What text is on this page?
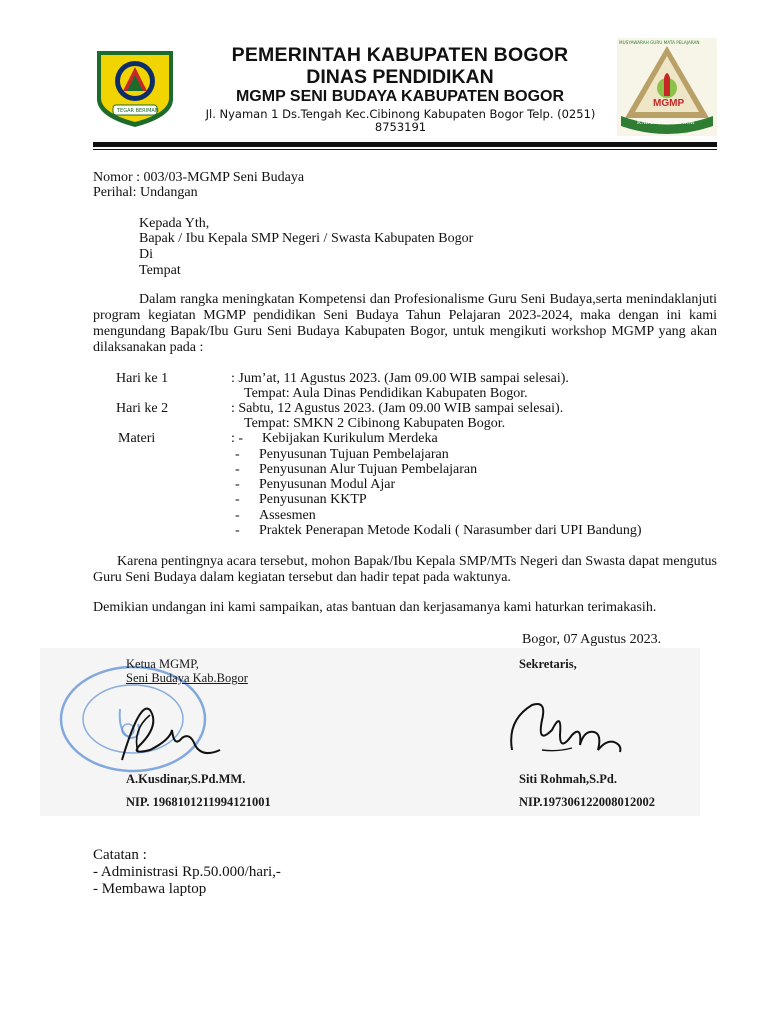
TEGAR BERIMAN
PEMERINTAH KABUPATEN BOGOR
DINAS PENDIDIKAN
MGMP SENI BUDAYA KABUPATEN BOGOR
Jl. Nyaman 1 Ds.Tengah Kec.Cibinong Kabupaten Bogor Telp. (0251)
8753191
MGMP
KABUPATEN BOGOR
MUSYAWARAH GURU MATA PELAJARAN
Nomor : 003/03-MGMP Seni Budaya
Perihal: Undangan
Kepada Yth,
Bapak / Ibu Kepala SMP Negeri / Swasta Kabupaten Bogor
Di
Tempat
Dalam rangka meningkatan Kompetensi dan Profesionalisme Guru Seni Budaya,serta menindaklanjuti program kegiatan MGMP pendidikan Seni Budaya Tahun Pelajaran 2023-2024, maka dengan ini kami mengundang Bapak/Ibu Guru Seni Budaya Kabupaten Bogor, untuk mengikuti workshop MGMP yang akan dilaksanakan pada :
Hari ke 1	: Jum’at, 11 Agustus 2023. (Jam 09.00 WIB sampai selesai).
Tempat: Aula Dinas Pendidikan Kabupaten Bogor.
Hari ke 2	: Sabtu, 12 Agustus 2023. (Jam 09.00 WIB sampai selesai).
Tempat: SMKN 2 Cibinong Kabupaten Bogor.
Materi	: - Kebijakan Kurikulum Merdeka
- Penyusunan Tujuan Pembelajaran
- Penyusunan Alur Tujuan Pembelajaran
- Penyusunan Modul Ajar
- Penyusunan KKTP
- Assesmen
- Praktek Penerapan Metode Kodali ( Narasumber dari UPI Bandung)
Karena pentingnya acara tersebut, mohon Bapak/Ibu Kepala SMP/MTs Negeri dan Swasta dapat mengutus Guru Seni Budaya dalam kegiatan tersebut dan hadir tepat pada waktunya.
Demikian undangan ini kami sampaikan, atas bantuan dan kerjasamanya kami haturkan terimakasih.
Bogor, 07 Agustus 2023.
Ketua MGMP,
Seni Budaya Kab.Bogor
A.Kusdinar,S.Pd.MM.
NIP. 1968101211994121001
Sekretaris,
Siti Rohmah,S.Pd.
NIP.197306122008012002
Catatan :
- Administrasi Rp.50.000/hari,-
- Membawa laptop
